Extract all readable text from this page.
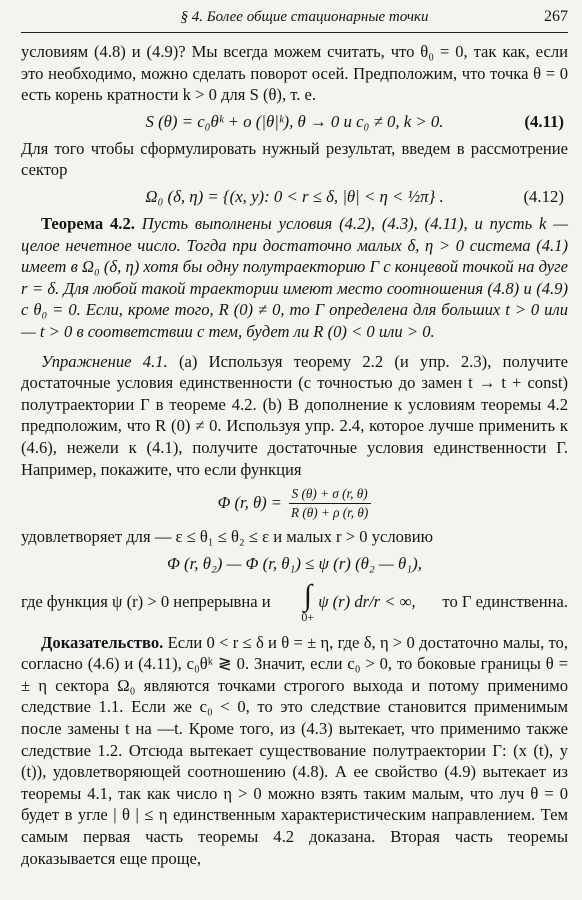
§ 4. Более общие стационарные точки	267

условиям (4.8) и (4.9)? Мы всегда можем считать, что θ₀ = 0, так как, если это необходимо, можно сделать поворот осей. Предположим, что точка θ = 0 есть корень кратности k > 0 для S (θ), т. е.

S (θ) = c₀θᵏ + o (|θ|ᵏ), θ → 0 и c₀ ≠ 0, k > 0.	(4.11)

Для того чтобы сформулировать нужный результат, введем в рассмотрение сектор

Ω₀ (δ, η) = {(x, y): 0 < r ≤ δ, |θ| < η < ½π} .	(4.12)

Теорема 4.2. Пусть выполнены условия (4.2), (4.3), (4.11), и пусть k — целое нечетное число. Тогда при достаточно малых δ, η > 0 система (4.1) имеет в Ω₀ (δ, η) хотя бы одну полутраекторию Γ с концевой точкой на дуге r = δ. Для любой такой траектории имеют место соотношения (4.8) и (4.9) с θ₀ = 0. Если, кроме того, R (0) ≠ 0, то Γ определена для больших t > 0 или — t > 0 в соответствии с тем, будет ли R (0) < 0 или > 0.

Упражнение 4.1. (a) Используя теорему 2.2 (и упр. 2.3), получите достаточные условия единственности (с точностью до замен t → t + const) полутраектории Γ в теореме 4.2. (b) В дополнение к условиям теоремы 4.2 предположим, что R (0) ≠ 0. Используя упр. 2.4, которое лучше применить к (4.6), нежели к (4.1), получите достаточные условия единственности Γ. Например, покажите, что если функция

Φ (r, $\theta) = \frac{S (\theta) + \sigma (r, \theta)}{R (\theta) + \rho (r, \theta)}$

удовлетворяет для — ε ≤ θ₁ ≤ θ₂ ≤ ε и малых r > 0 условию

Φ (r, θ₂) — Φ (r, θ₁) ≤ ψ (r) (θ₂ — θ₁),
где функция ψ (r) > 0 непрерывна и ∫
0+
ψ (r) dr/r < ∞, то Γ единственна.

Доказательство. Если 0 < r ≤ δ и θ = ± η, где δ, η > 0 достаточно малы, то, согласно (4.6) и (4.11), c₀θᵏ ≷ 0. Значит, если c₀ > 0, то боковые границы θ = ± η сектора Ω₀ являются точками строгого выхода и потому применимо следствие 1.1. Если же c₀ < 0, то это следствие становится применимым после замены t на —t. Кроме того, из (4.3) вытекает, что применимо также следствие 1.2. Отсюда вытекает существование полутраектории Γ: (x (t), y (t)), удовлетворяющей соотношению (4.8). А ее свойство (4.9) вытекает из теоремы 4.1, так как число η > 0 можно взять таким малым, что луч θ = 0 будет в угле | θ | ≤ η единственным характеристическим направлением. Тем самым первая часть теоремы 4.2 доказана. Вторая часть теоремы доказывается еще проще,
